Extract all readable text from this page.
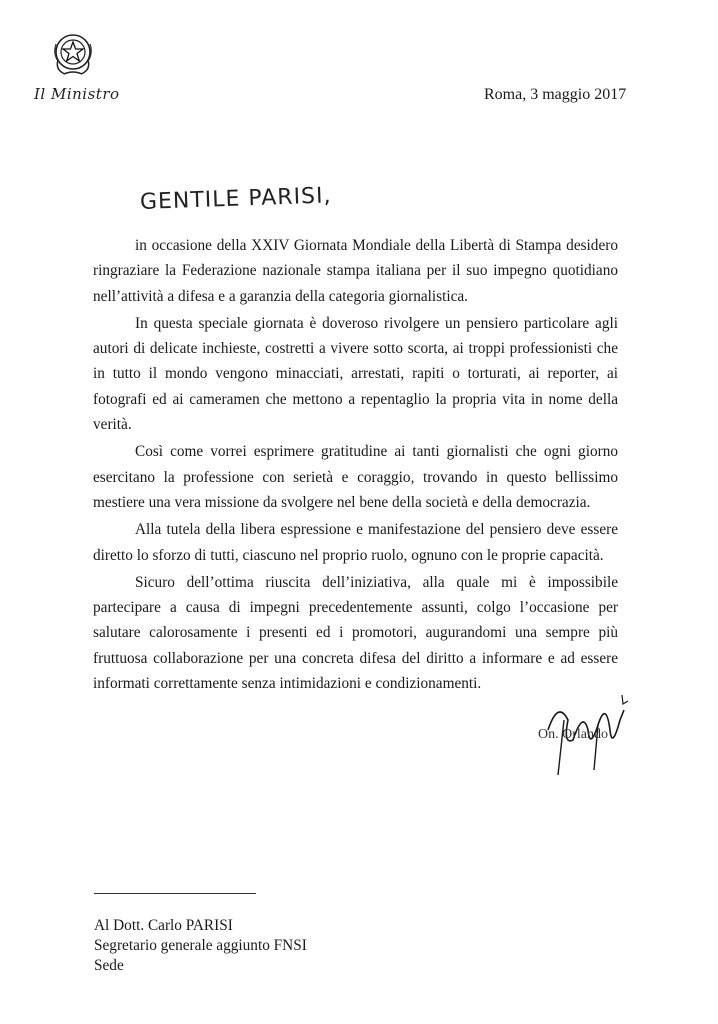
Il Ministro	Roma, 3 maggio 2017
GENTILE PARISI,

in occasione della XXIV Giornata Mondiale della Libertà di Stampa desidero ringraziare la Federazione nazionale stampa italiana per il suo impegno quotidiano nell’attività a difesa e a garanzia della categoria giornalistica.

In questa speciale giornata è doveroso rivolgere un pensiero particolare agli autori di delicate inchieste, costretti a vivere sotto scorta, ai troppi professionisti che in tutto il mondo vengono minacciati, arrestati, rapiti o torturati, ai reporter, ai fotografi ed ai cameramen che mettono a repentaglio la propria vita in nome della verità.

Così come vorrei esprimere gratitudine ai tanti giornalisti che ogni giorno esercitano la professione con serietà e coraggio, trovando in questo bellissimo mestiere una vera missione da svolgere nel bene della società e della democrazia.

Alla tutela della libera espressione e manifestazione del pensiero deve essere diretto lo sforzo di tutti, ciascuno nel proprio ruolo, ognuno con le proprie capacità.

Sicuro dell’ottima riuscita dell’iniziativa, alla quale mi è impossibile partecipare a causa di impegni precedentemente assunti, colgo l’occasione per salutare calorosamente i presenti ed i promotori, augurandomi una sempre più fruttuosa collaborazione per una concreta difesa del diritto a informare e ad essere informati correttamente senza intimidazioni e condizionamenti.

On. Orlando
Al Dott. Carlo PARISI
Segretario generale aggiunto FNSI
Sede
